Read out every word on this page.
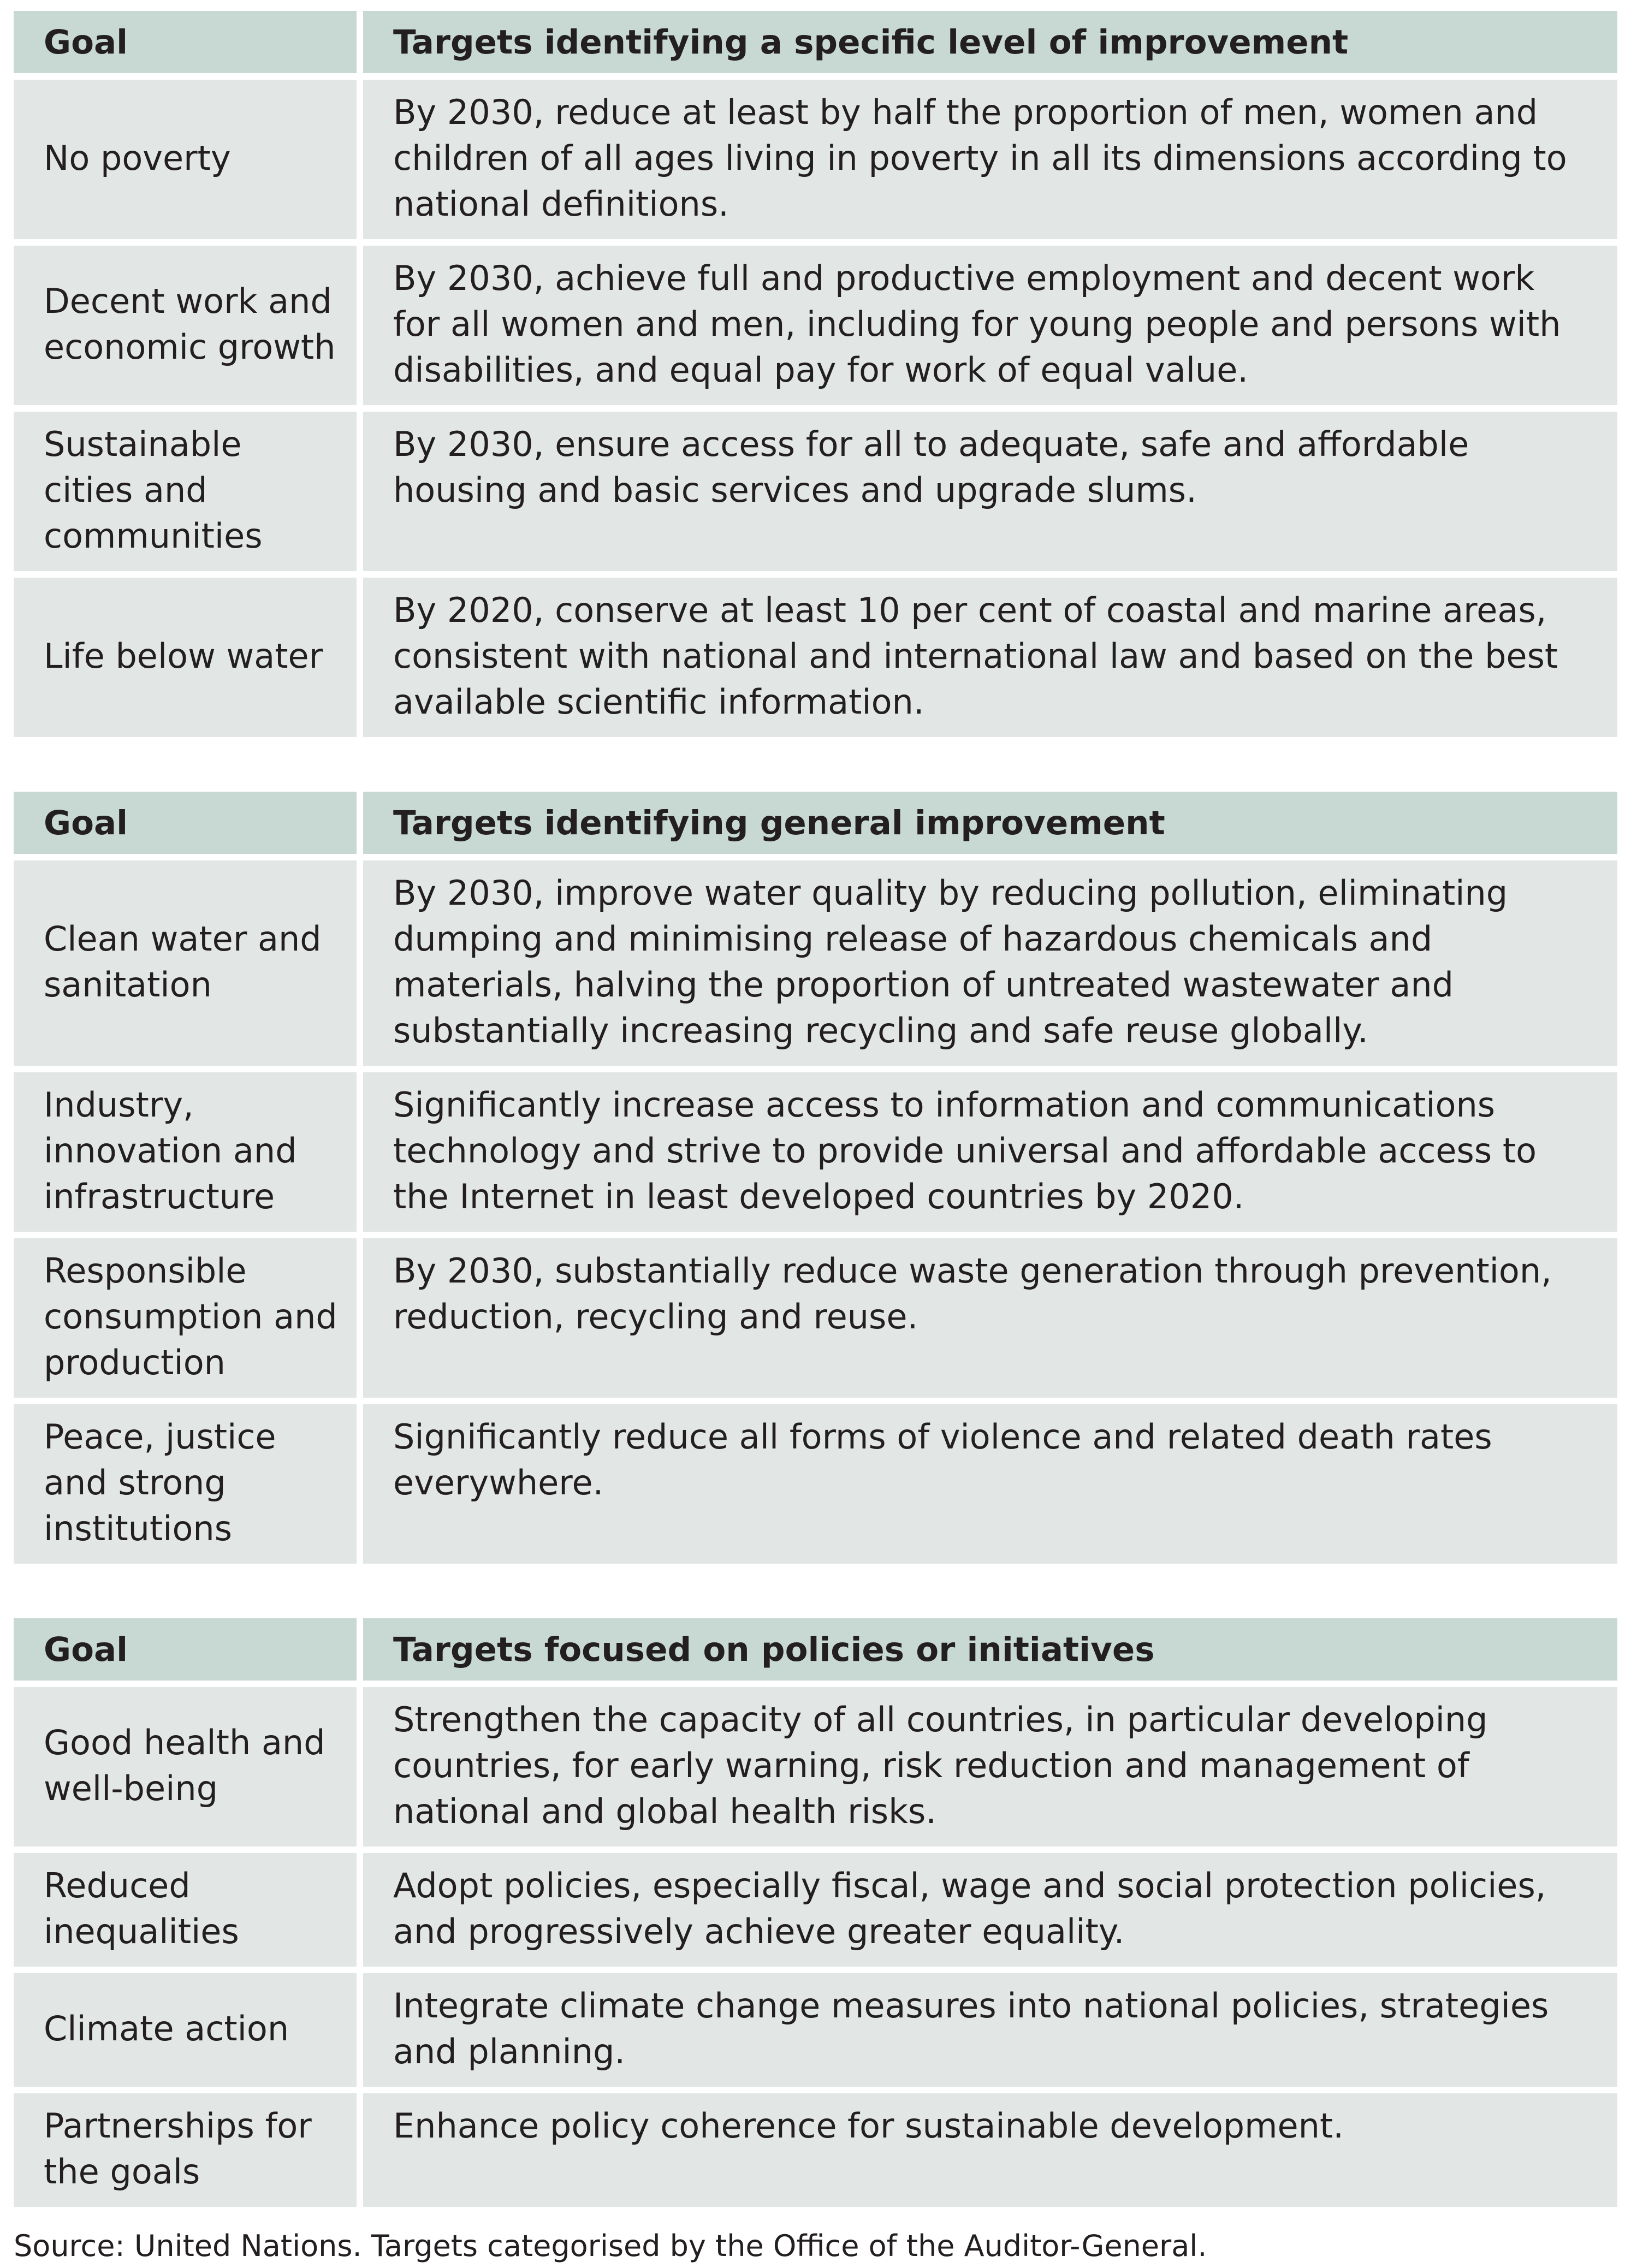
Goal	Targets identifying a specific level of improvement
No poverty	By 2030, reduce at least by half the proportion of men, women and children of all ages living in poverty in all its dimensions according to national definitions.
Decent work and economic growth	By 2030, achieve full and productive employment and decent work for all women and men, including for young people and persons with disabilities, and equal pay for work of equal value.
Sustainable cities and communities	By 2030, ensure access for all to adequate, safe and affordable housing and basic services and upgrade slums.
Life below water	By 2020, conserve at least 10 per cent of coastal and marine areas, consistent with national and international law and based on the best available scientific information.
Goal	Targets identifying general improvement
Clean water and sanitation	By 2030, improve water quality by reducing pollution, eliminating dumping and minimising release of hazardous chemicals and materials, halving the proportion of untreated wastewater and substantially increasing recycling and safe reuse globally.
Industry, innovation and infrastructure	Significantly increase access to information and communications technology and strive to provide universal and affordable access to the Internet in least developed countries by 2020.
Responsible consumption and production	By 2030, substantially reduce waste generation through prevention, reduction, recycling and reuse.
Peace, justice and strong institutions	Significantly reduce all forms of violence and related death rates everywhere.
Goal	Targets focused on policies or initiatives
Good health and well-being	Strengthen the capacity of all countries, in particular developing countries, for early warning, risk reduction and management of national and global health risks.
Reduced inequalities	Adopt policies, especially fiscal, wage and social protection policies, and progressively achieve greater equality.
Climate action	Integrate climate change measures into national policies, strategies and planning.
Partnerships for the goals	Enhance policy coherence for sustainable development.
Source: United Nations. Targets categorised by the Office of the Auditor-General.
